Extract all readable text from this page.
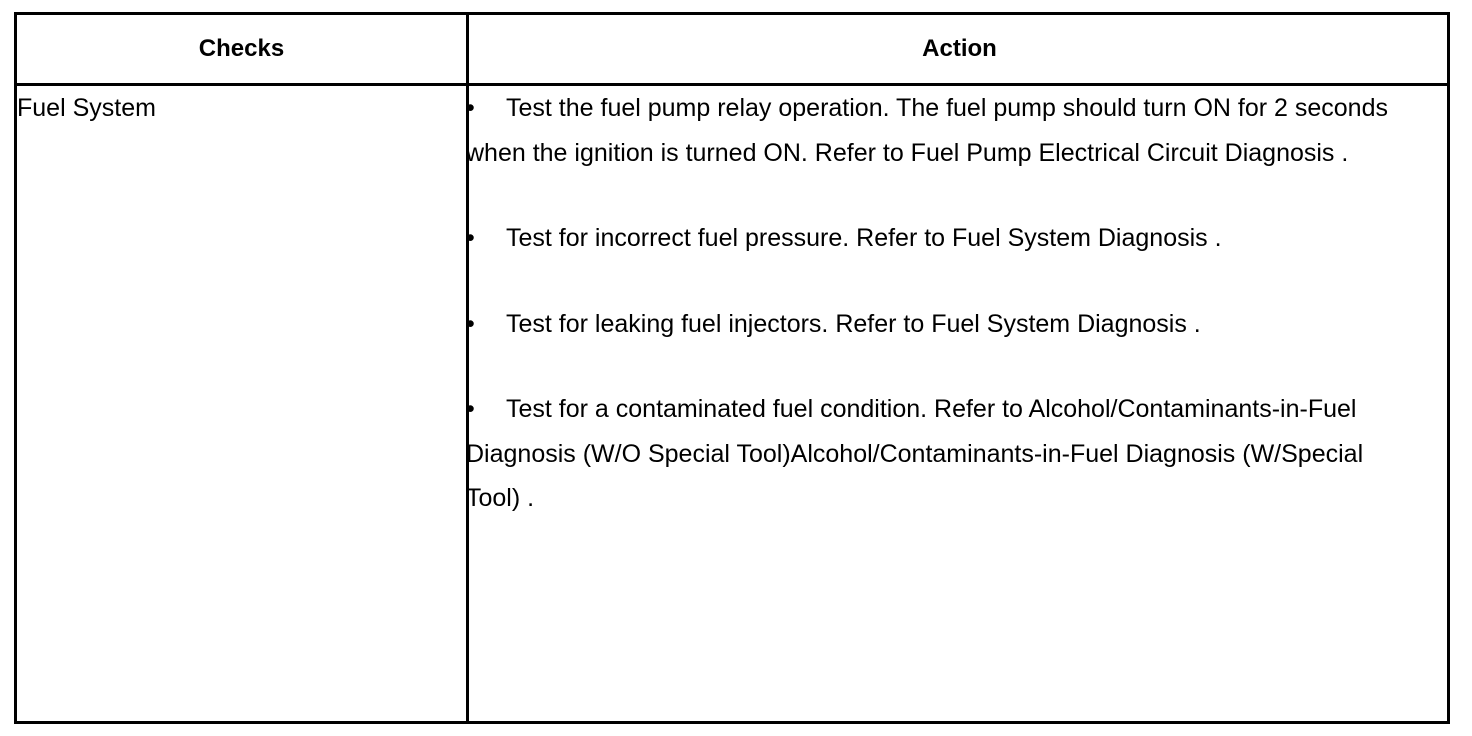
Checks	Action
Fuel System	• Test the fuel pump relay operation. The fuel pump should turn ON for 2 seconds when the ignition is turned ON. Refer to Fuel Pump Electrical Circuit Diagnosis .
• Test for incorrect fuel pressure. Refer to Fuel System Diagnosis .
• Test for leaking fuel injectors. Refer to Fuel System Diagnosis .
• Test for a contaminated fuel condition. Refer to Alcohol/Contaminants-in-Fuel Diagnosis (W/O Special Tool)Alcohol/Contaminants-in-Fuel Diagnosis (W/Special Tool) .
